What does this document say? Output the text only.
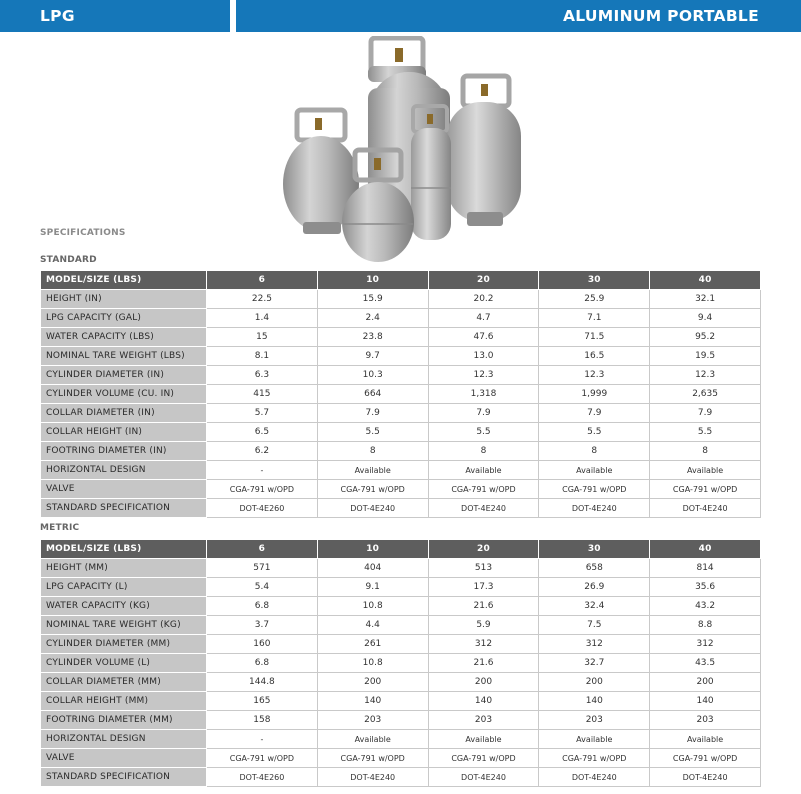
LPG	ALUMINUM PORTABLE
SPECIFICATIONS
STANDARD
MODEL/SIZE (LBS)	6	10	20	30	40
HEIGHT (IN)	22.5	15.9	20.2	25.9	32.1
LPG CAPACITY (GAL)	1.4	2.4	4.7	7.1	9.4
WATER CAPACITY (LBS)	15	23.8	47.6	71.5	95.2
NOMINAL TARE WEIGHT (LBS)	8.1	9.7	13.0	16.5	19.5
CYLINDER DIAMETER (IN)	6.3	10.3	12.3	12.3	12.3
CYLINDER VOLUME (CU. IN)	415	664	1,318	1,999	2,635
COLLAR DIAMETER (IN)	5.7	7.9	7.9	7.9	7.9
COLLAR HEIGHT (IN)	6.5	5.5	5.5	5.5	5.5
FOOTRING DIAMETER (IN)	6.2	8	8	8	8
HORIZONTAL DESIGN	-	Available	Available	Available	Available
VALVE	CGA-791 w/OPD	CGA-791 w/OPD	CGA-791 w/OPD	CGA-791 w/OPD	CGA-791 w/OPD
STANDARD SPECIFICATION	DOT-4E260	DOT-4E240	DOT-4E240	DOT-4E240	DOT-4E240
METRIC
MODEL/SIZE (LBS)	6	10	20	30	40
HEIGHT (MM)	571	404	513	658	814
LPG CAPACITY (L)	5.4	9.1	17.3	26.9	35.6
WATER CAPACITY (KG)	6.8	10.8	21.6	32.4	43.2
NOMINAL TARE WEIGHT (KG)	3.7	4.4	5.9	7.5	8.8
CYLINDER DIAMETER (MM)	160	261	312	312	312
CYLINDER VOLUME (L)	6.8	10.8	21.6	32.7	43.5
COLLAR DIAMETER (MM)	144.8	200	200	200	200
COLLAR HEIGHT (MM)	165	140	140	140	140
FOOTRING DIAMETER (MM)	158	203	203	203	203
HORIZONTAL DESIGN	-	Available	Available	Available	Available
VALVE	CGA-791 w/OPD	CGA-791 w/OPD	CGA-791 w/OPD	CGA-791 w/OPD	CGA-791 w/OPD
STANDARD SPECIFICATION	DOT-4E260	DOT-4E240	DOT-4E240	DOT-4E240	DOT-4E240
